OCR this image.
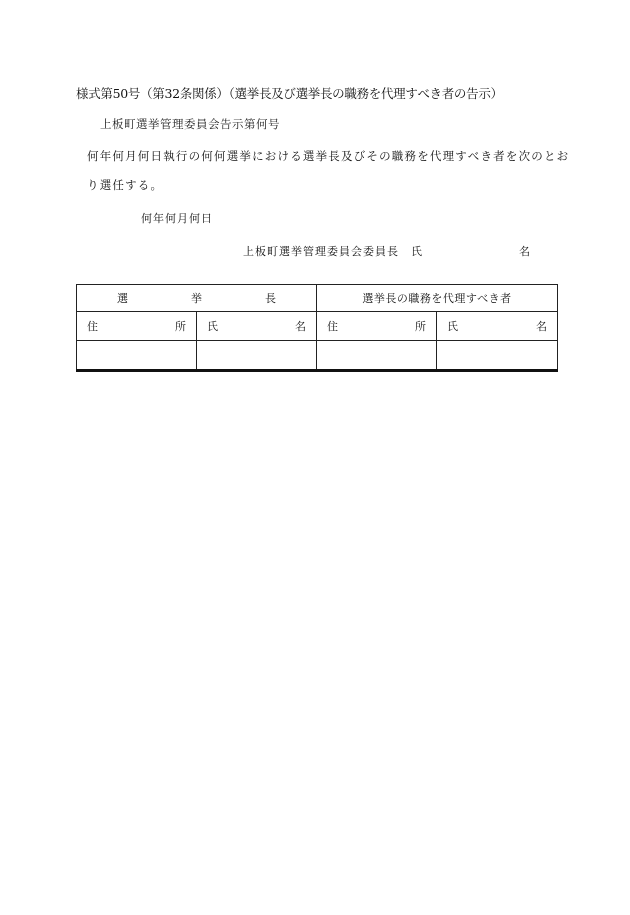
様式第50号（第32条関係）（選挙長及び選挙長の職務を代理すべき者の告示）
上板町選挙管理委員会告示第何号
何年何月何日執行の何何選挙における選挙長及びその職務を代理すべき者を次のとお
り選任する。
何年何月何日
上板町選挙管理委員会委員長 氏	名
選 挙 長		選挙長の職務を代理すべき者	

住 所	氏 名	住 所	氏 名
